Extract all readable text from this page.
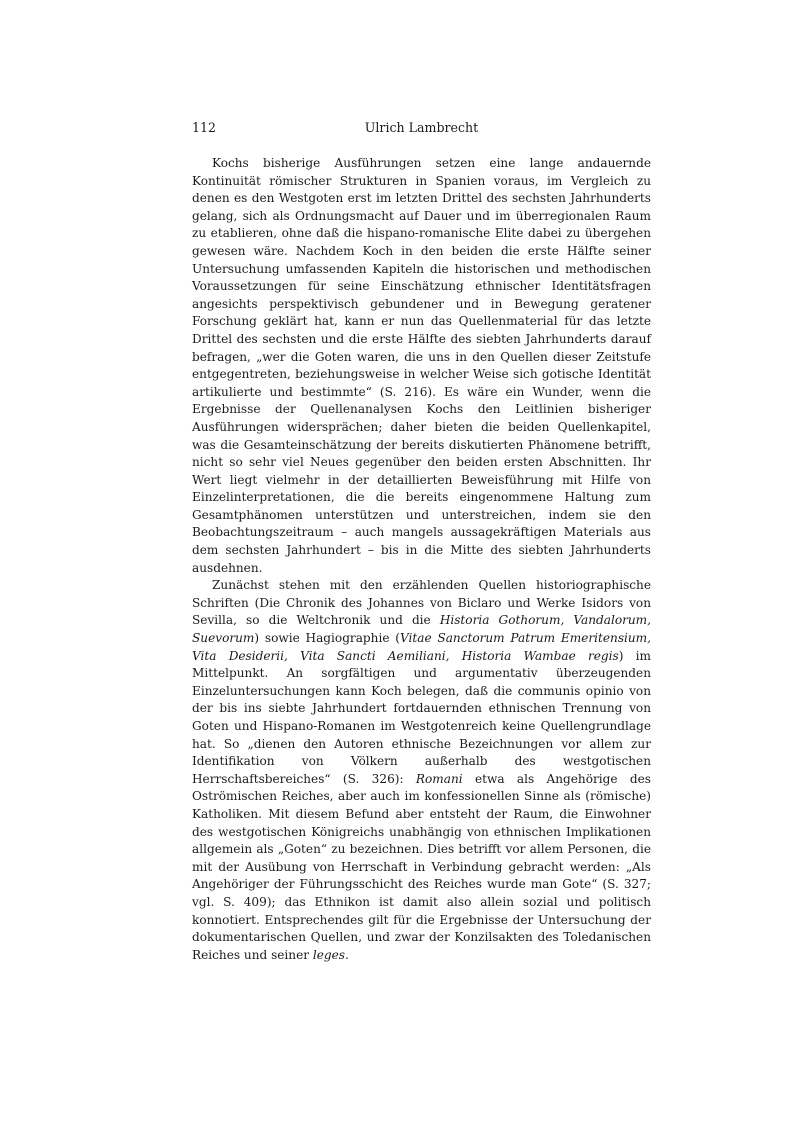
112	Ulrich Lambrecht

Kochs bisherige Ausführungen setzen eine lange andauernde Kontinuität römischer Strukturen in Spanien voraus, im Vergleich zu denen es den Westgoten erst im letzten Drittel des sechsten Jahrhunderts gelang, sich als Ordnungsmacht auf Dauer und im überregionalen Raum zu etablieren, ohne daß die hispano-romanische Elite dabei zu übergehen gewesen wäre. Nachdem Koch in den beiden die erste Hälfte seiner Untersuchung umfassenden Kapiteln die historischen und methodischen Voraussetzungen für seine Einschätzung ethnischer Identitätsfragen angesichts perspektivisch gebundener und in Bewegung geratener Forschung geklärt hat, kann er nun das Quellenmaterial für das letzte Drittel des sechsten und die erste Hälfte des siebten Jahrhunderts darauf befragen, „wer die Goten waren, die uns in den Quellen dieser Zeitstufe entgegentreten, beziehungsweise in welcher Weise sich gotische Identität artikulierte und bestimmte“ (S. 216). Es wäre ein Wunder, wenn die Ergebnisse der Quellenanalysen Kochs den Leitlinien bisheriger Ausführungen widersprächen; daher bieten die beiden Quellenkapitel, was die Gesamteinschätzung der bereits diskutierten Phänomene betrifft, nicht so sehr viel Neues gegenüber den beiden ersten Abschnitten. Ihr Wert liegt vielmehr in der detaillierten Beweisführung mit Hilfe von Einzelinterpretationen, die die bereits eingenommene Haltung zum Gesamtphänomen unterstützen und unterstreichen, indem sie den Beobachtungszeitraum – auch mangels aussagekräftigen Materials aus dem sechsten Jahrhundert – bis in die Mitte des siebten Jahrhunderts ausdehnen.

Zunächst stehen mit den erzählenden Quellen historiographische Schriften (Die Chronik des Johannes von Biclaro und Werke Isidors von Sevilla, so die Weltchronik und die Historia Gothorum, Vandalorum, Suevorum) sowie Hagiographie (Vitae Sanctorum Patrum Emeritensium, Vita Desiderii, Vita Sancti Aemiliani, Historia Wambae regis) im Mittelpunkt. An sorgfältigen und argumentativ überzeugenden Einzeluntersuchungen kann Koch belegen, daß die communis opinio von der bis ins siebte Jahrhundert fortdauernden ethnischen Trennung von Goten und Hispano-Romanen im Westgotenreich keine Quellengrundlage hat. So „dienen den Autoren ethnische Bezeichnungen vor allem zur Identifikation von Völkern außerhalb des westgotischen Herrschaftsbereiches“ (S. 326): Romani etwa als Angehörige des Oströmischen Reiches, aber auch im konfessionellen Sinne als (römische) Katholiken. Mit diesem Befund aber entsteht der Raum, die Einwohner des westgotischen Königreichs unabhängig von ethnischen Implikationen allgemein als „Goten“ zu bezeichnen. Dies betrifft vor allem Personen, die mit der Ausübung von Herrschaft in Verbindung gebracht werden: „Als Angehöriger der Führungsschicht des Reiches wurde man Gote“ (S. 327; vgl. S. 409); das Ethnikon ist damit also allein sozial und politisch konnotiert. Entsprechendes gilt für die Ergebnisse der Untersuchung der dokumentarischen Quellen, und zwar der Konzilsakten des Toledanischen Reiches und seiner leges.
